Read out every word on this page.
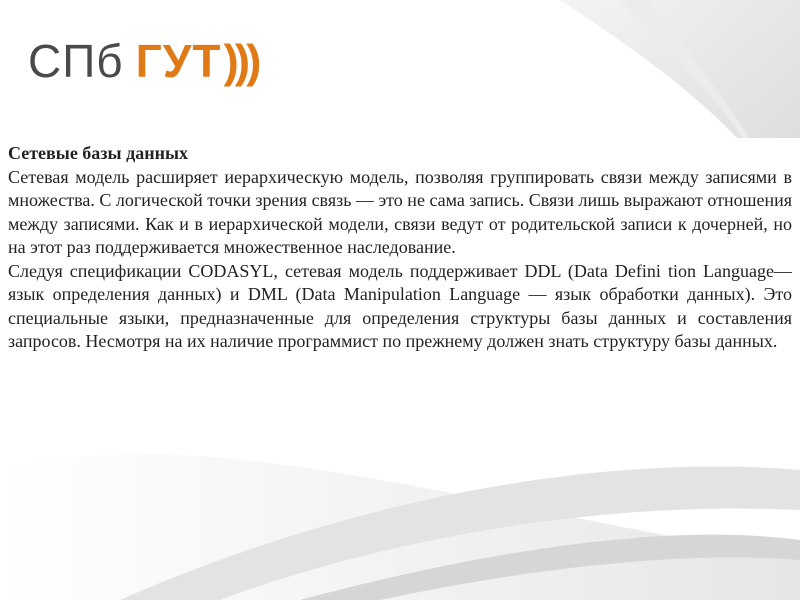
СПб ГУТ )))
Сетевые базы данных

Сетевая модель расширяет иерархическую модель, позволяя группировать связи между записями в множества. С логической точки зрения связь — это не сама запись. Связи лишь выражают отношения между записями. Как и в иерархической модели, связи ведут от родительской записи к дочерней, но на этот раз поддерживается множественное наследование.

Следуя спецификации CODASYL, сетевая модель поддерживает DDL (Data Defini tion Language— язык определения данных) и DML (Data Manipulation Language — язык обработки данных). Это специальные языки, предназначенные для определения структуры базы данных и составления запросов. Несмотря на их наличие программист по прежнему должен знать структуру базы данных.
